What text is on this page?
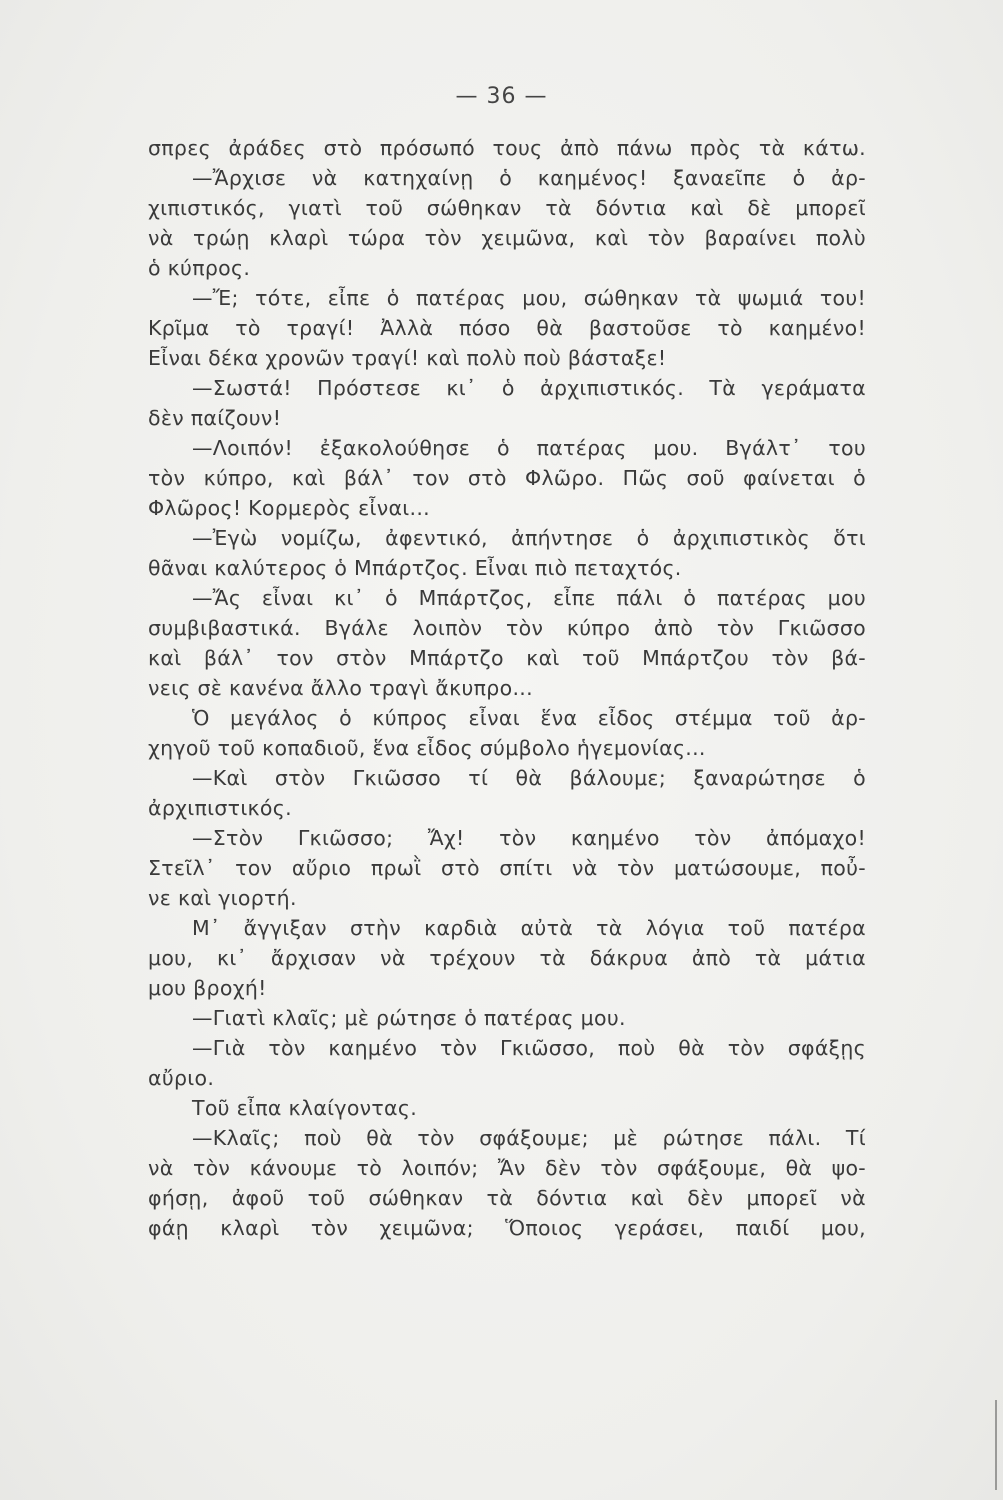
— 36 —
σπρες ἀράδες στὸ πρόσωπό τους ἀπὸ πάνω πρὸς τὰ κάτω.
—Ἄρχισε νὰ κατηχαίνῃ ὁ καημένος! ξαναεῖπε ὁ ἀρ-
χιπιστικός, γιατὶ τοῦ σώθηκαν τὰ δόντια καὶ δὲ μπορεῖ
νὰ τρώῃ κλαρὶ τώρα τὸν χειμῶνα, καὶ τὸν βαραίνει πολὺ
ὁ κύπρος.
—Ἔ; τότε, εἶπε ὁ πατέρας μου, σώθηκαν τὰ ψωμιά του!
Κρῖμα τὸ τραγί! Ἀλλὰ πόσο θὰ βαστοῦσε τὸ καημένο!
Εἶναι δέκα χρονῶν τραγί! καὶ πολὺ ποὺ βάσταξε!
—Σωστά! Πρόστεσε κι᾽ ὁ ἀρχιπιστικός. Τὰ γεράματα
δὲν παίζουν!
—Λοιπόν! ἐξακολούθησε ὁ πατέρας μου. Βγάλτ᾽ του
τὸν κύπρο, καὶ βάλ᾽ τον στὸ Φλῶρο. Πῶς σοῦ φαίνεται ὁ
Φλῶρος! Κορμερὸς εἶναι...
—Ἐγὼ νομίζω, ἀφεντικό, ἀπήντησε ὁ ἀρχιπιστικὸς ὅτι
θᾶναι καλύτερος ὁ Μπάρτζος. Εἶναι πιὸ πεταχτός.
—Ἄς εἶναι κι᾽ ὁ Μπάρτζος, εἶπε πάλι ὁ πατέρας μου
συμβιβαστικά. Βγάλε λοιπὸν τὸν κύπρο ἀπὸ τὸν Γκιῶσσο
καὶ βάλ᾽ τον στὸν Μπάρτζο καὶ τοῦ Μπάρτζου τὸν βά-
νεις σὲ κανένα ἄλλο τραγὶ ἄκυπρο...
Ὁ μεγάλος ὁ κύπρος εἶναι ἕνα εἶδος στέμμα τοῦ ἀρ-
χηγοῦ τοῦ κοπαδιοῦ, ἕνα εἶδος σύμβολο ἡγεμονίας...
—Καὶ στὸν Γκιῶσσο τί θὰ βάλουμε; ξαναρώτησε ὁ
ἀρχιπιστικός.
—Στὸν Γκιῶσσο; Ἄχ! τὸν καημένο τὸν ἀπόμαχο!
Στεῖλ᾽ τον αὔριο πρωῒ στὸ σπίτι νὰ τὸν ματώσουμε, ποὖ-
νε καὶ γιορτή.
Μ᾽ ἄγγιξαν στὴν καρδιὰ αὐτὰ τὰ λόγια τοῦ πατέρα
μου, κι᾽ ἄρχισαν νὰ τρέχουν τὰ δάκρυα ἀπὸ τὰ μάτια
μου βροχή!
—Γιατὶ κλαῖς; μὲ ρώτησε ὁ πατέρας μου.
—Γιὰ τὸν καημένο τὸν Γκιῶσσο, ποὺ θὰ τὸν σφάξῃς
αὔριο.
Τοῦ εἶπα κλαίγοντας.
—Κλαῖς; ποὺ θὰ τὸν σφάξουμε; μὲ ρώτησε πάλι. Τί
νὰ τὸν κάνουμε τὸ λοιπόν; Ἄν δὲν τὸν σφάξουμε, θὰ ψο-
φήσῃ, ἀφοῦ τοῦ σώθηκαν τὰ δόντια καὶ δὲν μπορεῖ νὰ
φάῃ κλαρὶ τὸν χειμῶνα; Ὅποιος γεράσει, παιδί μου,
